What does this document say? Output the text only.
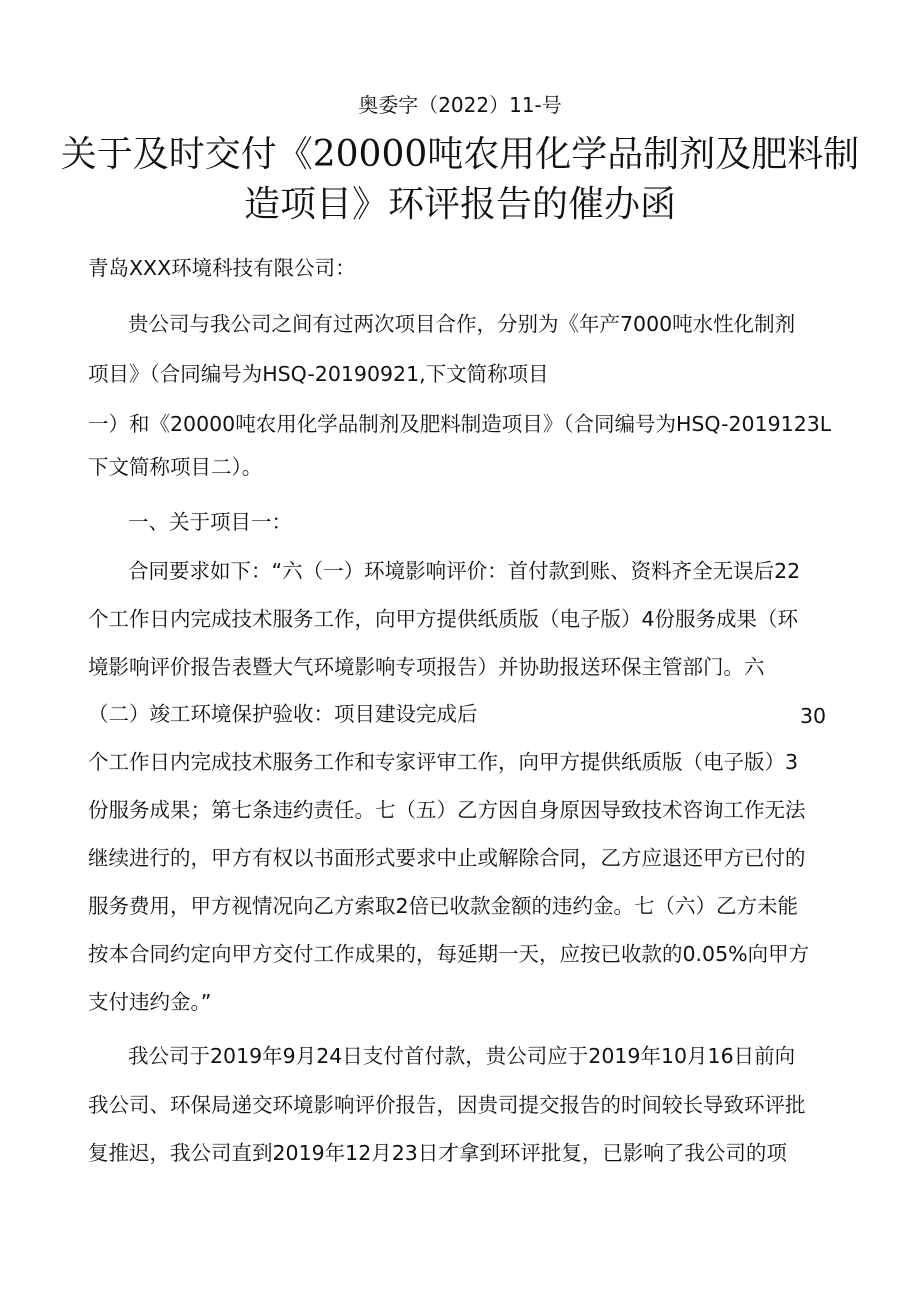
奥委字（2022）11-号
关于及时交付《20000吨农用化学品制剂及肥料制
造项目》环评报告的催办函
青岛XXX环境科技有限公司：
贵公司与我公司之间有过两次项目合作，分别为《年产7000吨水性化制剂
项目》（合同编号为HSQ-20190921,下文简称项目
一）和《20000吨农用化学品制剂及肥料制造项目》（合同编号为HSQ-2019123L
下文简称项目二）。
一、关于项目一：
合同要求如下：“六（一）环境影响评价：首付款到账、资料齐全无误后22
个工作日内完成技术服务工作，向甲方提供纸质版（电子版）4份服务成果（环
境影响评价报告表暨大气环境影响专项报告）并协助报送环保主管部门。六
（二）竣工环境保护验收：项目建设完成后	30
个工作日内完成技术服务工作和专家评审工作，向甲方提供纸质版（电子版）3
份服务成果；第七条违约责任。七（五）乙方因自身原因导致技术咨询工作无法
继续进行的，甲方有权以书面形式要求中止或解除合同，乙方应退还甲方已付的
服务费用，甲方视情况向乙方索取2倍已收款金额的违约金。七（六）乙方未能
按本合同约定向甲方交付工作成果的，每延期一天，应按已收款的0.05%向甲方
支付违约金。”
我公司于2019年9月24日支付首付款，贵公司应于2019年10月16日前向
我公司、环保局递交环境影响评价报告，因贵司提交报告的时间较长导致环评批
复推迟，我公司直到2019年12月23日才拿到环评批复，已影响了我公司的项
